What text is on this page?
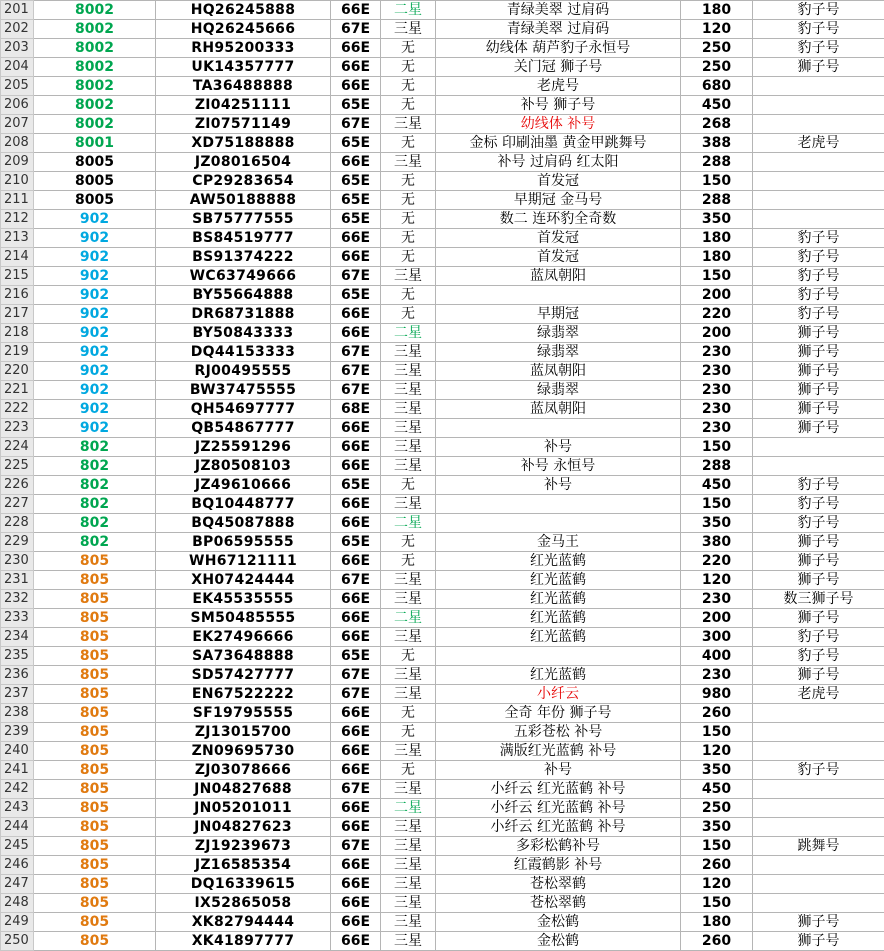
201	8002	HQ26245888	66E	二星	青绿美翠 过肩码	180	豹子号
202	8002	HQ26245666	67E	三星	青绿美翠 过肩码	120	豹子号
203	8002	RH95200333	66E	无	幼线体 葫芦豹子永恒号	250	豹子号
204	8002	UK14357777	66E	无	关门冠 狮子号	250	狮子号
205	8002	TA36488888	66E	无	老虎号	680	
206	8002	ZI04251111	65E	无	补号 狮子号	450	
207	8002	ZI07571149	67E	三星	幼线体 补号	268	
208	8001	XD75188888	65E	无	金标 印刷油墨 黄金甲跳舞号	388	老虎号
209	8005	JZ08016504	66E	三星	补号 过肩码 红太阳	288	
210	8005	CP29283654	65E	无	首发冠	150	
211	8005	AW50188888	65E	无	早期冠 金马号	288	
212	902	SB75777555	65E	无	数二 连环豹全奇数	350	
213	902	BS84519777	66E	无	首发冠	180	豹子号
214	902	BS91374222	66E	无	首发冠	180	豹子号
215	902	WC63749666	67E	三星	蓝凤朝阳	150	豹子号
216	902	BY55664888	65E	无		200	豹子号
217	902	DR68731888	66E	无	早期冠	220	豹子号
218	902	BY50843333	66E	二星	绿翡翠	200	狮子号
219	902	DQ44153333	67E	三星	绿翡翠	230	狮子号
220	902	RJ00495555	67E	三星	蓝凤朝阳	230	狮子号
221	902	BW37475555	67E	三星	绿翡翠	230	狮子号
222	902	QH54697777	68E	三星	蓝凤朝阳	230	狮子号
223	902	QB54867777	66E	三星		230	狮子号
224	802	JZ25591296	66E	三星	补号	150	
225	802	JZ80508103	66E	三星	补号 永恒号	288	
226	802	JZ49610666	65E	无	补号	450	豹子号
227	802	BQ10448777	66E	三星		150	豹子号
228	802	BQ45087888	66E	二星		350	豹子号
229	802	BP06595555	65E	无	金马王	380	狮子号
230	805	WH67121111	66E	无	红光蓝鹤	220	狮子号
231	805	XH07424444	67E	三星	红光蓝鹤	120	狮子号
232	805	EK45535555	66E	三星	红光蓝鹤	230	数三狮子号
233	805	SM50485555	66E	二星	红光蓝鹤	200	狮子号
234	805	EK27496666	66E	三星	红光蓝鹤	300	豹子号
235	805	SA73648888	65E	无		400	豹子号
236	805	SD57427777	67E	三星	红光蓝鹤	230	狮子号
237	805	EN67522222	67E	三星	小纤云	980	老虎号
238	805	SF19795555	66E	无	全奇 年份 狮子号	260	
239	805	ZJ13015700	66E	无	五彩苍松 补号	150	
240	805	ZN09695730	66E	三星	满版红光蓝鹤 补号	120	
241	805	ZJ03078666	66E	无	补号	350	豹子号
242	805	JN04827688	67E	三星	小纤云 红光蓝鹤 补号	450	
243	805	JN05201011	66E	二星	小纤云 红光蓝鹤 补号	250	
244	805	JN04827623	66E	三星	小纤云 红光蓝鹤 补号	350	
245	805	ZJ19239673	67E	三星	多彩松鹤补号	150	跳舞号
246	805	JZ16585354	66E	三星	红霞鹤影 补号	260	
247	805	DQ16339615	66E	三星	苍松翠鹤	120	
248	805	IX52865058	66E	三星	苍松翠鹤	150	
249	805	XK82794444	66E	三星	金松鹤	180	狮子号
250	805	XK41897777	66E	三星	金松鹤	260	狮子号
